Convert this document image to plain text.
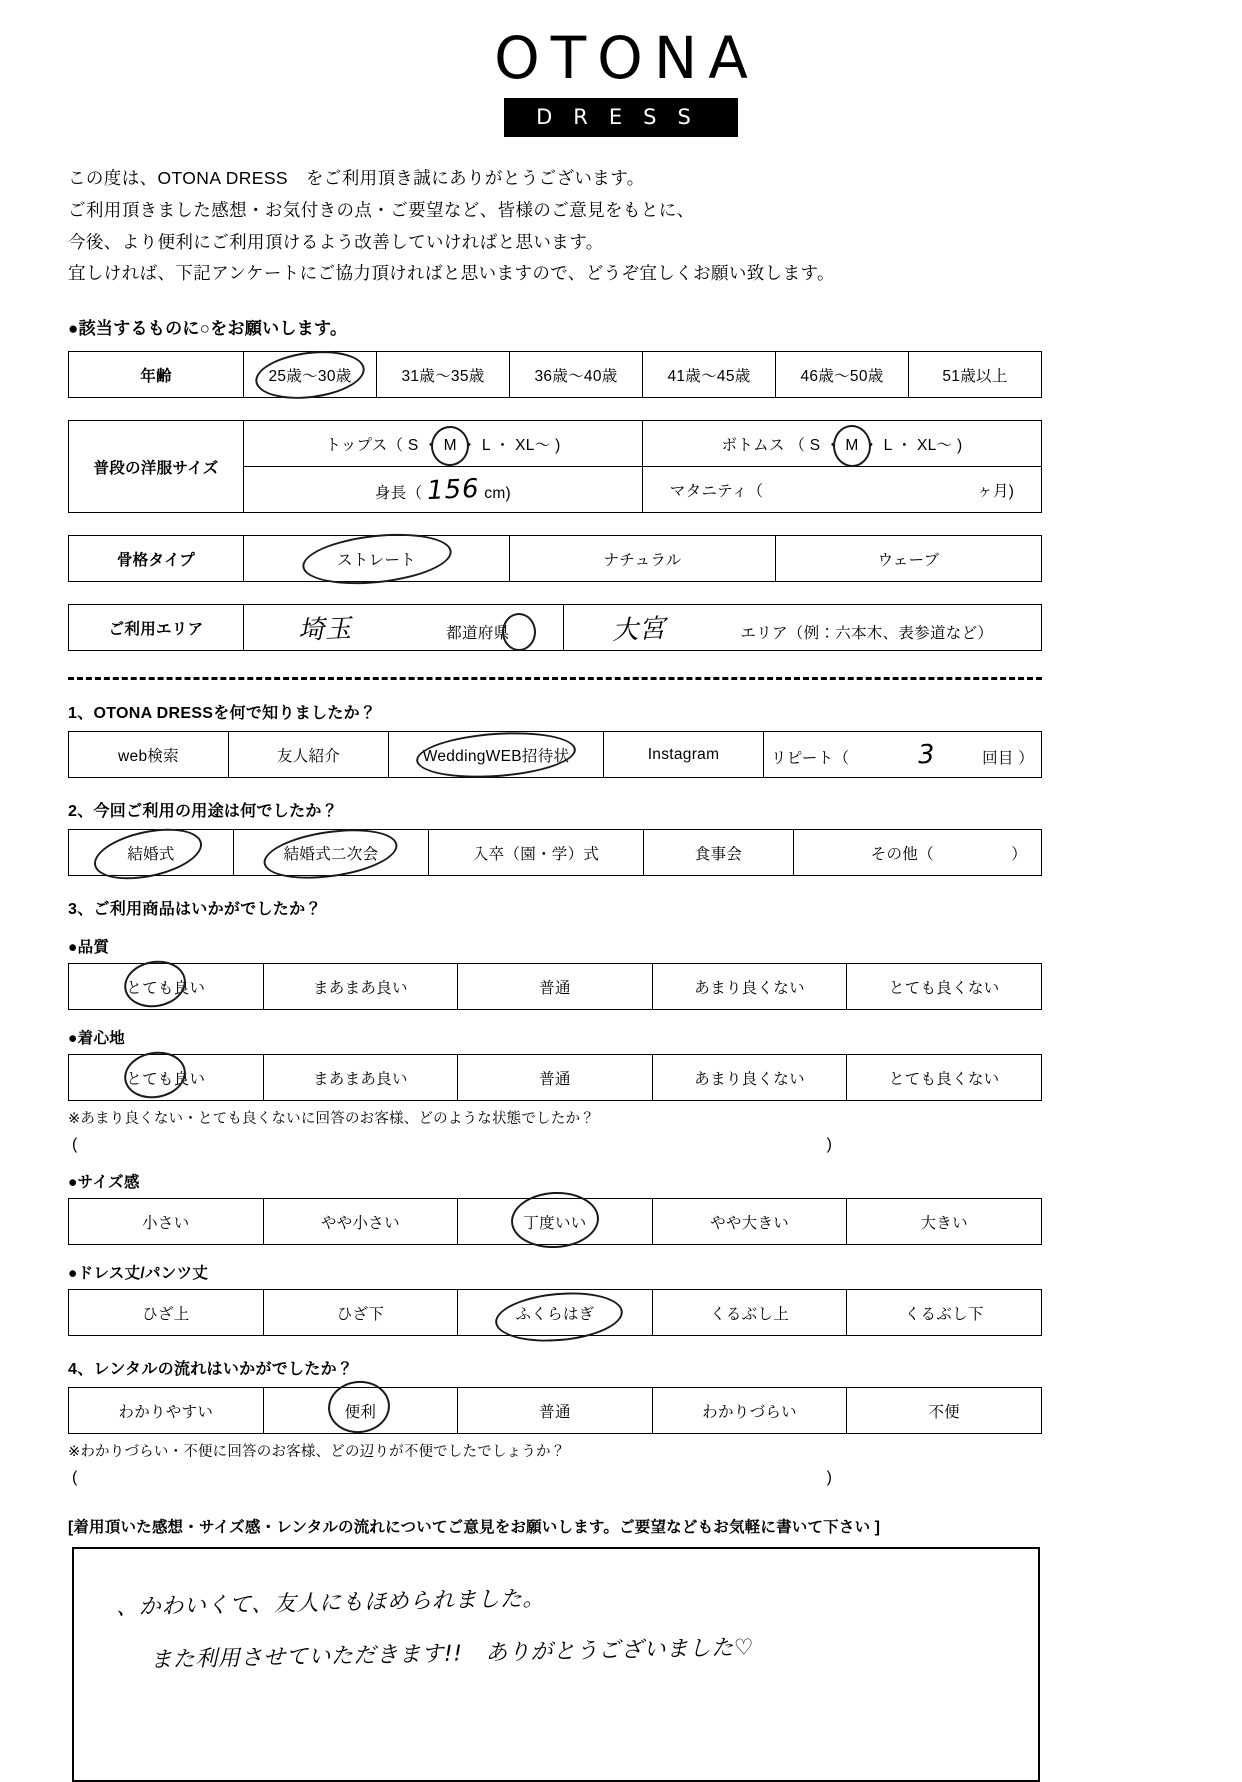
OTONA
DRESS
この度は、OTONA DRESS　をご利用頂き誠にありがとうございます。
ご利用頂きました感想・お気付きの点・ご要望など、皆様のご意見をもとに、
今後、より便利にご利用頂けるよう改善していければと思います。
宜しければ、下記アンケートにご協力頂ければと思いますので、どうぞ宜しくお願い致します。
●該当するものに○をお願いします。
年齢	25歳～30歳	31歳～35歳	36歳～40歳	41歳～45歳	46歳～50歳	51歳以上
普段の洋服サイズ	トップス（ S ・ M ・ L ・ XL～ )	ボトムス （ S ・ M ・ L ・ XL～ )
	身長（ 156 cm)	マタニティ（ ヶ月)
骨格タイプ	ストレート	ナチュラル	ウェーブ
ご利用エリア	埼玉	都道府県	大宮	エリア（例：六本木、表参道など）
1、OTONA DRESSを何で知りましたか？
web検索	友人紹介	WeddingWEB招待状	Instagram	リピート（	3	回目 ）
2、今回ご利用の用途は何でしたか？
結婚式	結婚式二次会	入卒（園・学）式	食事会	その他（	）
3、ご利用商品はいかがでしたか？
●品質
とても良い	まあまあ良い	普通	あまり良くない	とても良くない
●着心地
とても良い	まあまあ良い	普通	あまり良くない	とても良くない
※あまり良くない・とても良くないに回答のお客様、どのような状態でしたか？
(	)
●サイズ感
小さい	やや小さい	丁度いい	やや大きい	大きい
●ドレス丈/パンツ丈
ひざ上	ひざ下	ふくらはぎ	くるぶし上	くるぶし下
4、レンタルの流れはいかがでしたか？
わかりやすい	便利	普通	わかりづらい	不便
※わかりづらい・不便に回答のお客様、どの辺りが不便でしたでしょうか？
(	)
[着用頂いた感想・サイズ感・レンタルの流れについてご意見をお願いします。ご要望などもお気軽に書いて下さい ]
、かわいくて、友人にもほめられました。
また利用させていただきます!!　ありがとうございました♡
